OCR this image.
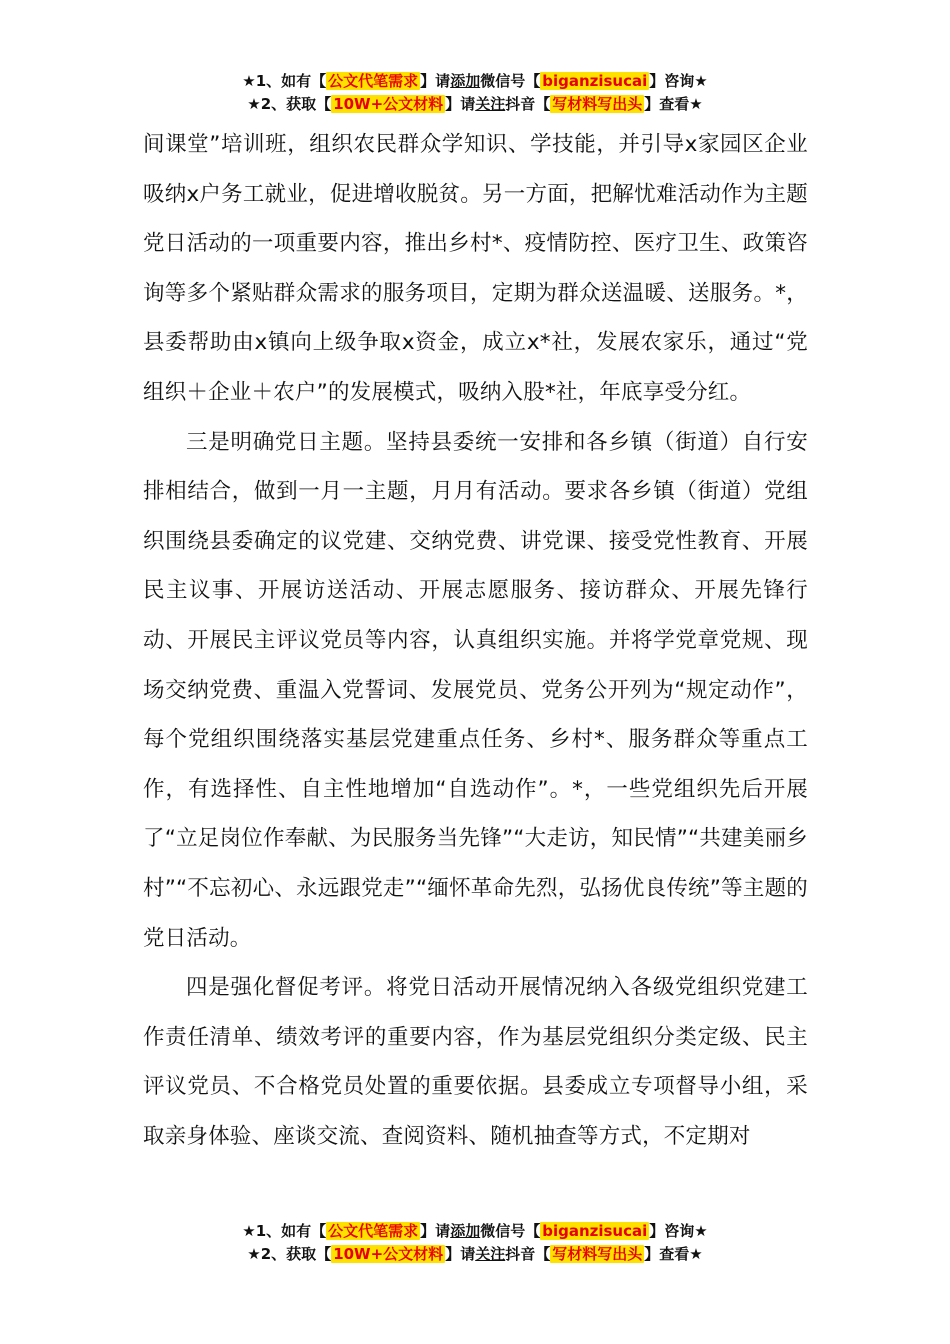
★1、如有【 公文代笔需求 】请添加微信号【 biganzisucai 】咨询★
★2、获取【 10W+公文材料 】请关注抖音【 写材料写出头 】查看★

间课堂”培训班，组织农民群众学知识、学技能，并引导x家园区企业吸纳x户务工就业，促进增收脱贫。另一方面，把解忧难活动作为主题党日活动的一项重要内容，推出乡村*、疫情防控、医疗卫生、政策咨询等多个紧贴群众需求的服务项目，定期为群众送温暖、送服务。*，县委帮助由x镇向上级争取x资金，成立x*社，发展农家乐，通过“党组织＋企业＋农户”的发展模式，吸纳入股*社，年底享受分红。

三是明确党日主题。坚持县委统一安排和各乡镇（街道）自行安排相结合，做到一月一主题，月月有活动。要求各乡镇（街道）党组织围绕县委确定的议党建、交纳党费、讲党课、接受党性教育、开展民主议事、开展访送活动、开展志愿服务、接访群众、开展先锋行动、开展民主评议党员等内容，认真组织实施。并将学党章党规、现场交纳党费、重温入党誓词、发展党员、党务公开列为“规定动作”，每个党组织围绕落实基层党建重点任务、乡村*、服务群众等重点工作，有选择性、自主性地增加“自选动作”。*，一些党组织先后开展了“立足岗位作奉献、为民服务当先锋”“大走访，知民情”“共建美丽乡村”“不忘初心、永远跟党走”“缅怀革命先烈，弘扬优良传统”等主题的党日活动。

四是强化督促考评。将党日活动开展情况纳入各级党组织党建工作责任清单、绩效考评的重要内容，作为基层党组织分类定级、民主评议党员、不合格党员处置的重要依据。县委成立专项督导小组，采取亲身体验、座谈交流、查阅资料、随机抽查等方式，不定期对

★1、如有【 公文代笔需求 】请添加微信号【 biganzisucai 】咨询★
★2、获取【 10W+公文材料 】请关注抖音【 写材料写出头 】查看★
